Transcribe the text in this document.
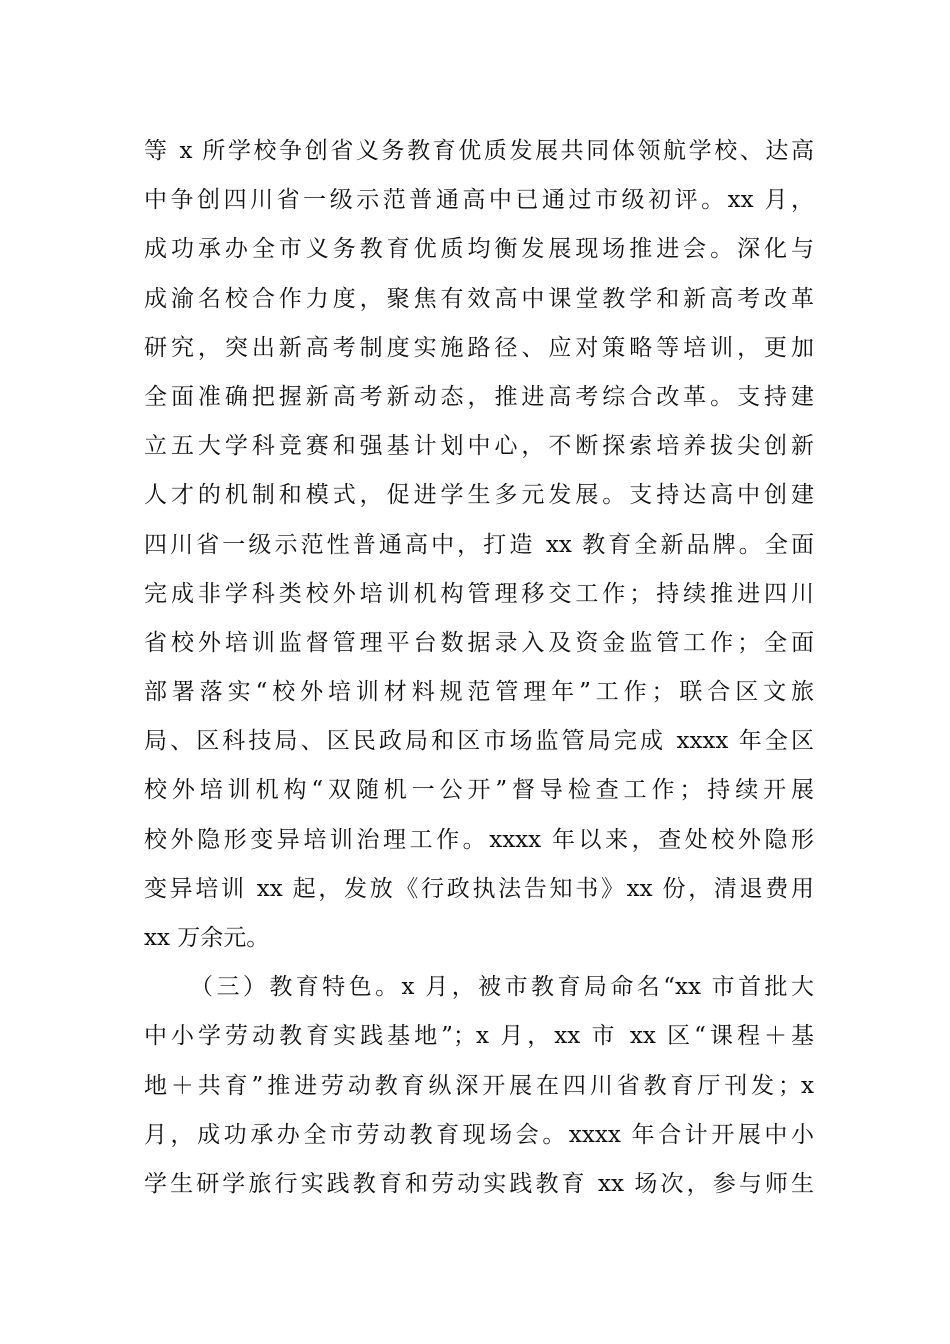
等 x 所学校争创省义务教育优质发展共同体领航学校、达高
中争创四川省一级示范普通高中已通过市级初评。xx 月，
成功承办全市义务教育优质均衡发展现场推进会。深化与
成渝名校合作力度，聚焦有效高中课堂教学和新高考改革
研究，突出新高考制度实施路径、应对策略等培训，更加
全面准确把握新高考新动态，推进高考综合改革。支持建
立五大学科竞赛和强基计划中心，不断探索培养拔尖创新
人才的机制和模式，促进学生多元发展。支持达高中创建
四川省一级示范性普通高中，打造 xx 教育全新品牌。全面
完成非学科类校外培训机构管理移交工作；持续推进四川
省校外培训监督管理平台数据录入及资金监管工作；全面
部署落实“校外培训材料规范管理年”工作；联合区文旅
局、区科技局、区民政局和区市场监管局完成 xxxx 年全区
校外培训机构“双随机一公开”督导检查工作；持续开展
校外隐形变异培训治理工作。xxxx 年以来，查处校外隐形
变异培训 xx 起，发放《行政执法告知书》xx 份，清退费用
xx 万余元。
（三）教育特色。x 月，被市教育局命名“xx 市首批大
中小学劳动教育实践基地”；x 月，xx 市 xx 区“课程＋基
地＋共育”推进劳动教育纵深开展在四川省教育厅刊发；x
月，成功承办全市劳动教育现场会。xxxx 年合计开展中小
学生研学旅行实践教育和劳动实践教育 xx 场次，参与师生
